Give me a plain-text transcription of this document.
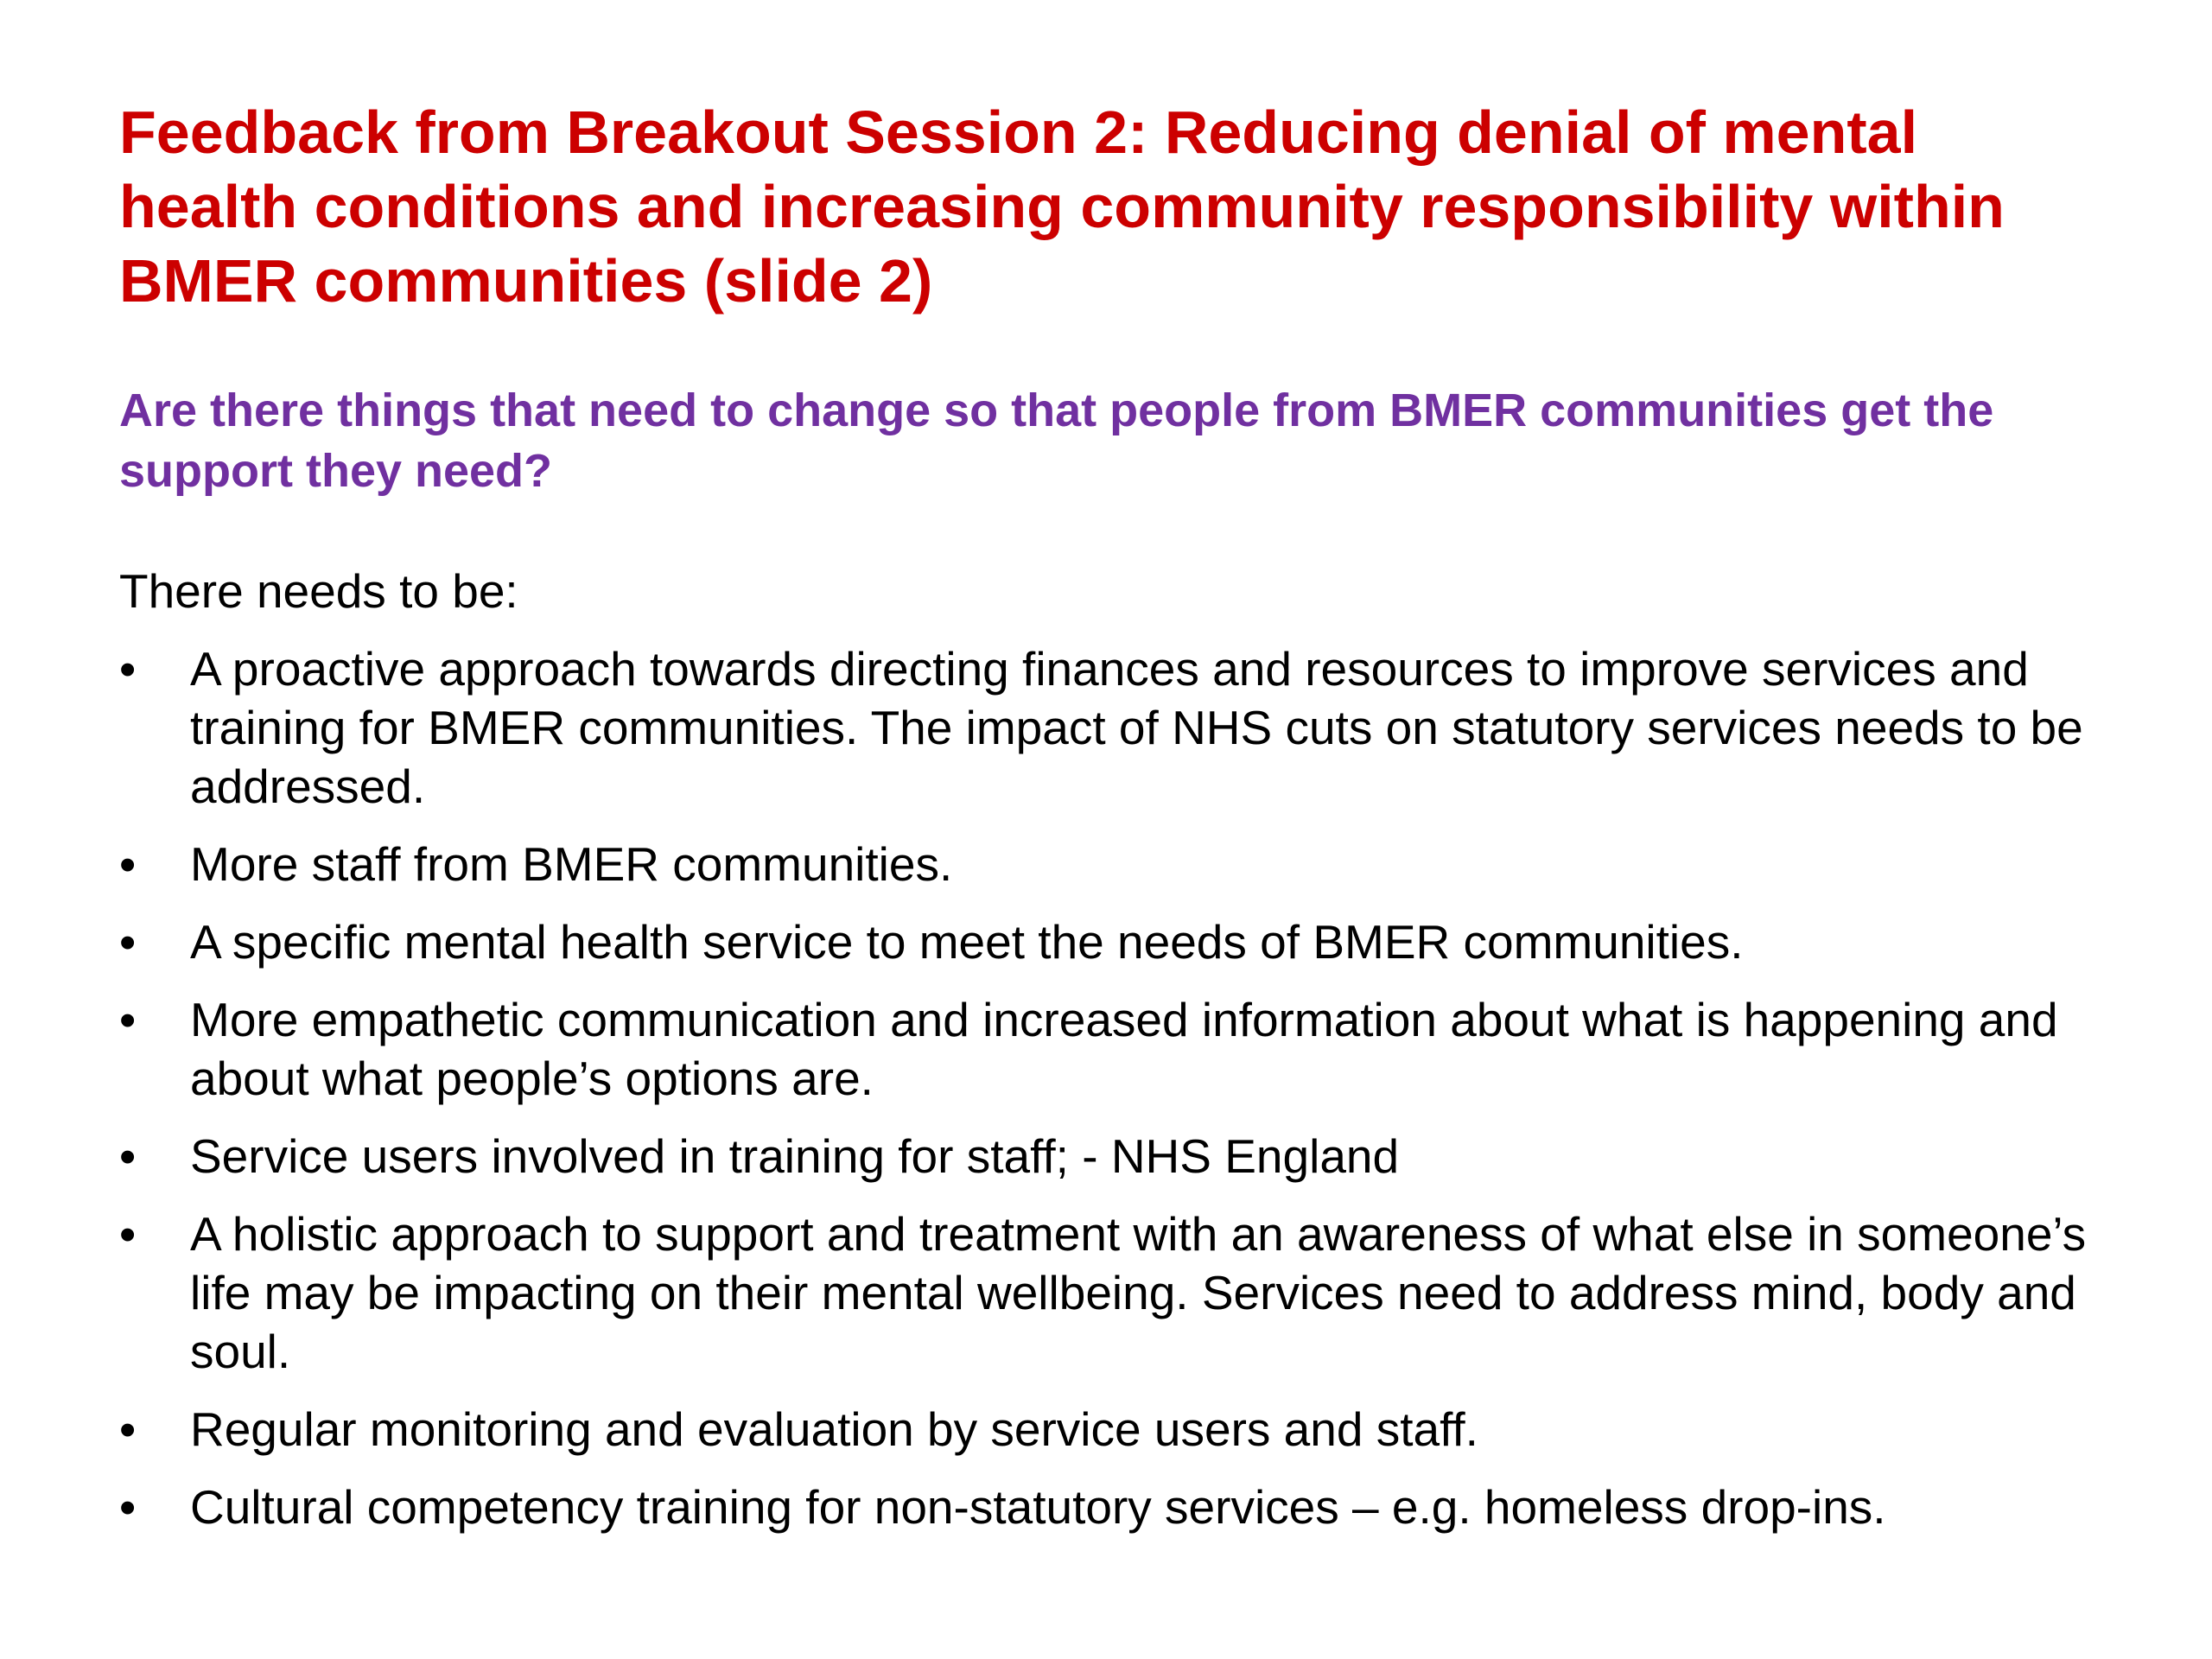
Feedback from Breakout Session 2: Reducing denial of mental health conditions and increasing community responsibility within BMER communities (slide 2)

Are there things that need to change so that people from BMER communities get the support they need?

There needs to be:

•	A proactive approach towards directing finances and resources to improve services and training for BMER communities. The impact of NHS cuts on statutory services needs to be addressed.
•	More staff from BMER communities.
•	A specific mental health service to meet the needs of BMER communities.
•	More empathetic communication and increased information about what is happening and about what people’s options are.
•	Service users involved in training for staff; - NHS England
•	A holistic approach to support and treatment with an awareness of what else in someone’s life may be impacting on their mental wellbeing. Services need to address mind, body and soul.
•	Regular monitoring and evaluation by service users and staff.
•	Cultural competency training for non-statutory services – e.g. homeless drop-ins.
